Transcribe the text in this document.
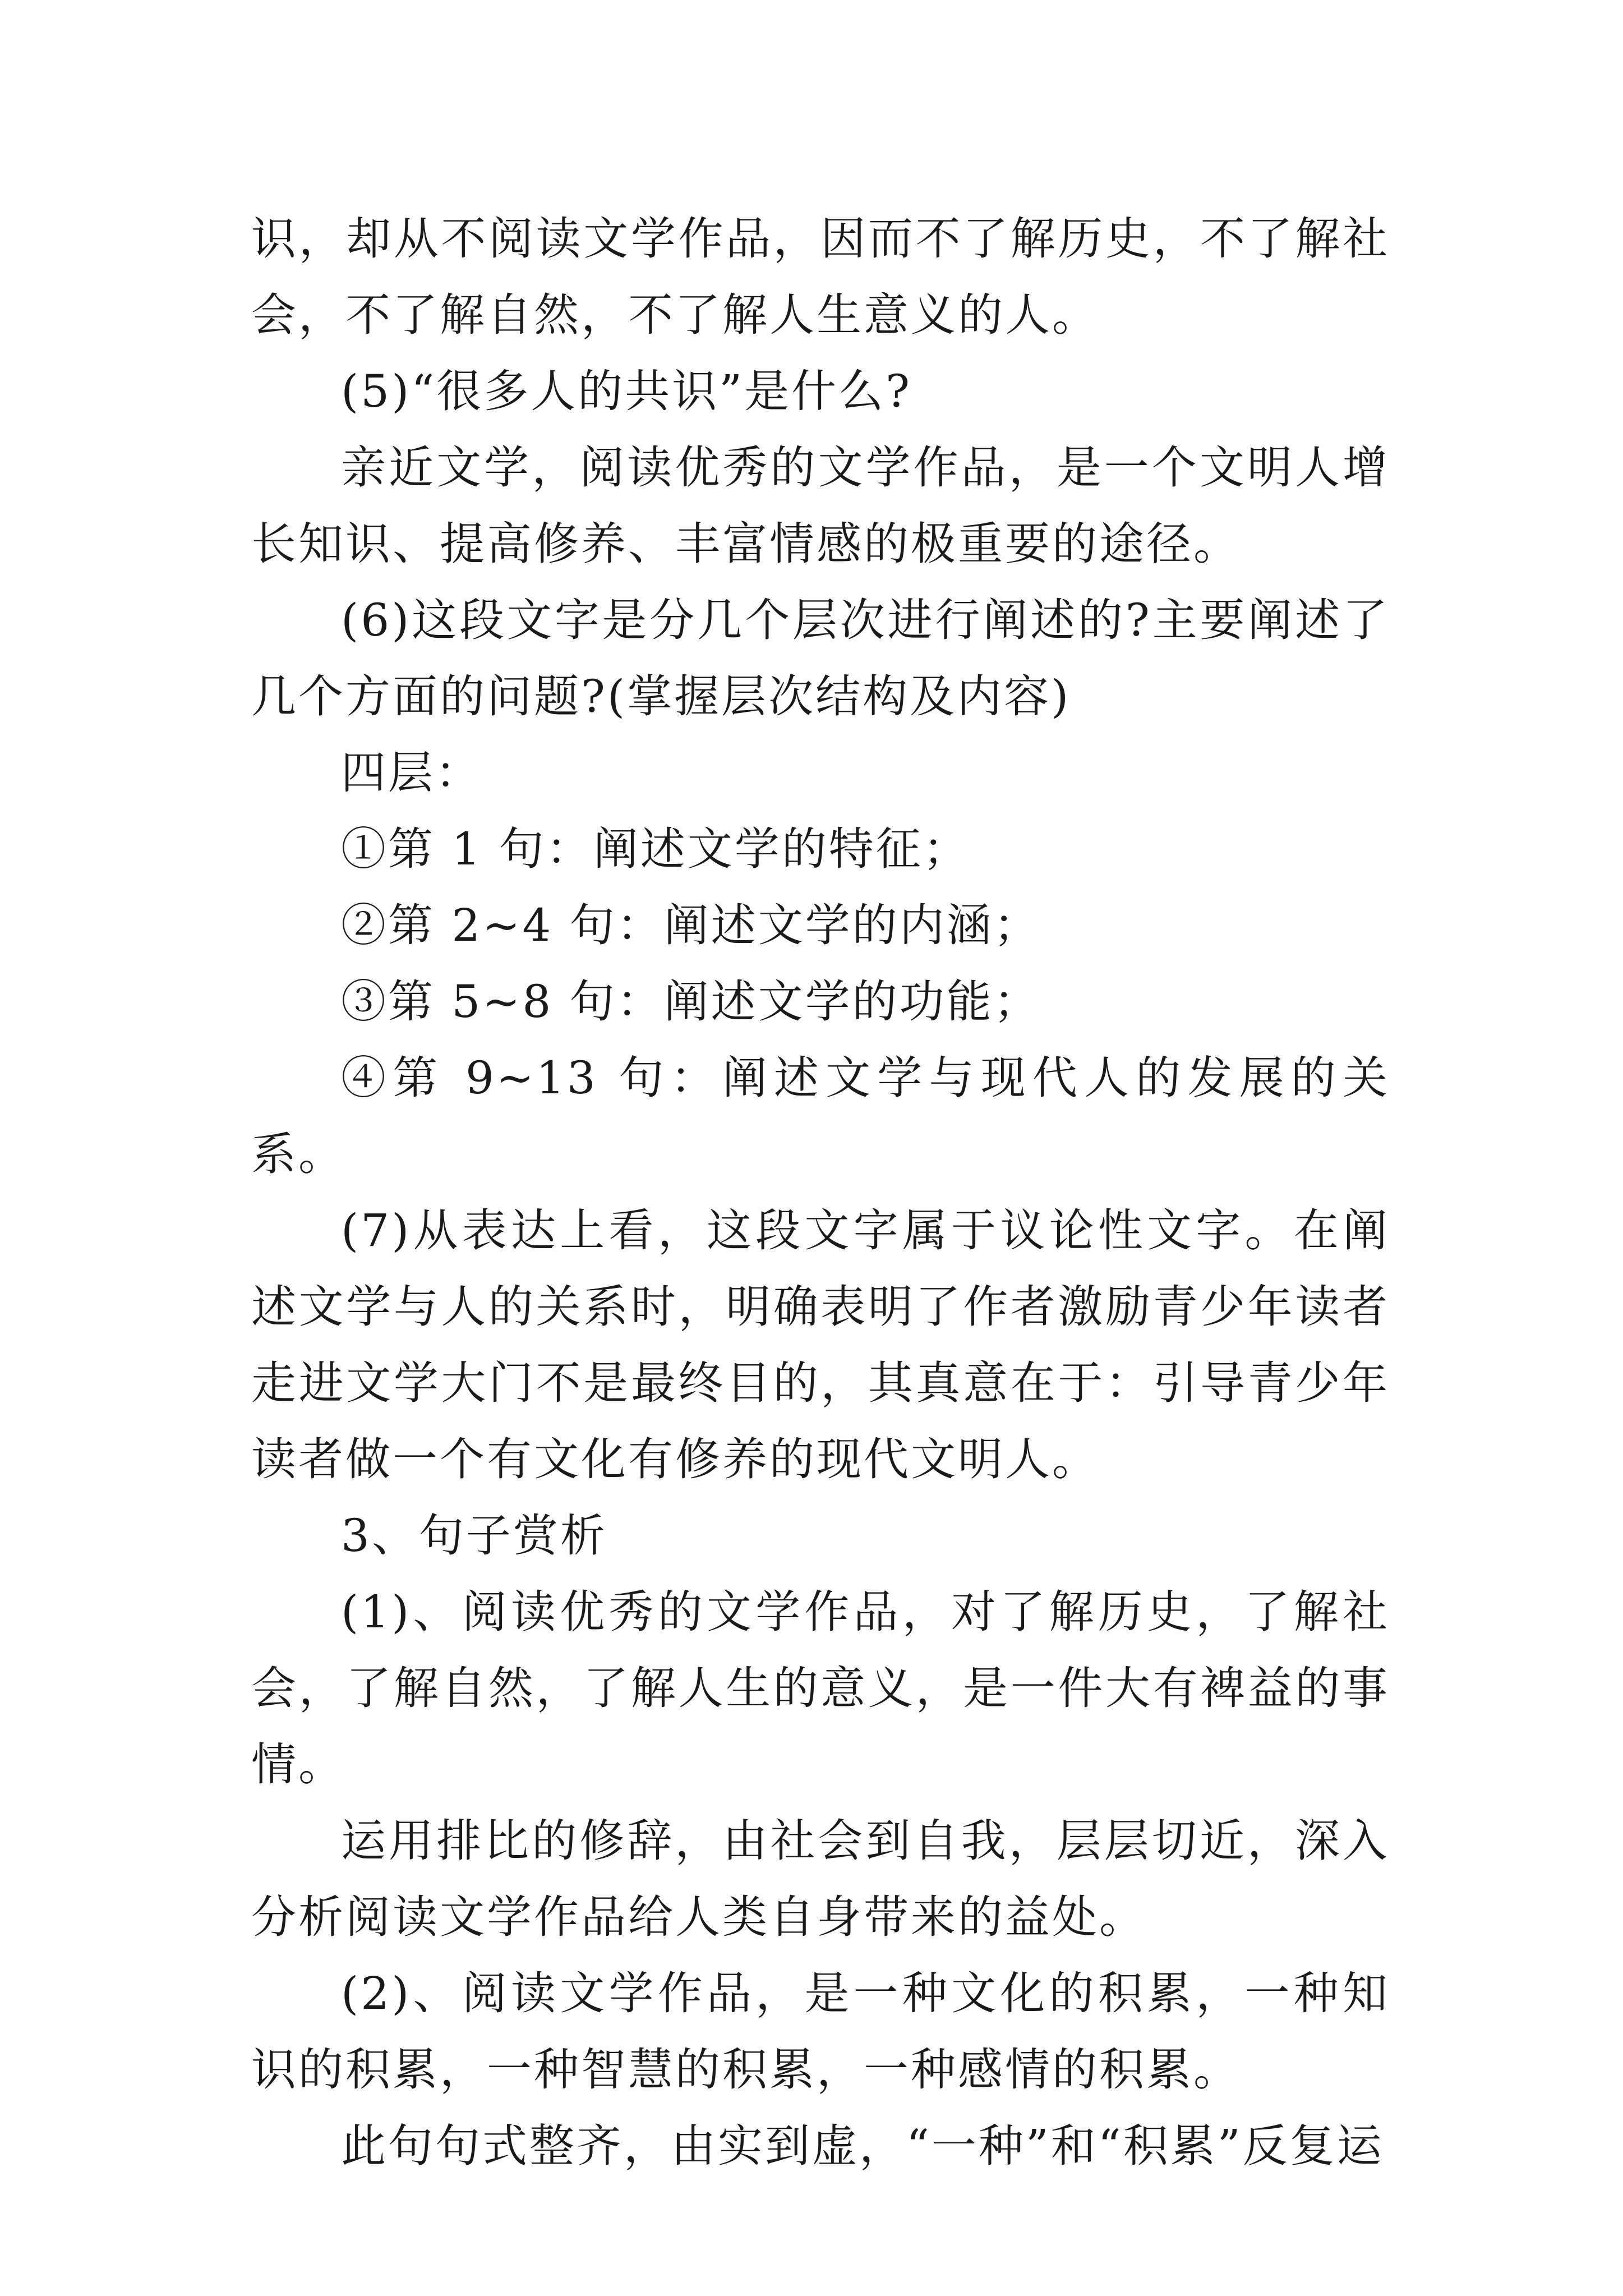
识，却从不阅读文学作品，因而不了解历史，不了解社会，不了解自然，不了解人生意义的人。

(5)“很多人的共识”是什么?

亲近文学，阅读优秀的文学作品，是一个文明人增长知识、提高修养、丰富情感的极重要的途径。

(6)这段文字是分几个层次进行阐述的?主要阐述了几个方面的问题?(掌握层次结构及内容)

四层：

①第 1 句：阐述文学的特征；

②第 2~4 句：阐述文学的内涵；

③第 5~8 句：阐述文学的功能；

④第 9~13 句：阐述文学与现代人的发展的关系。

(7)从表达上看，这段文字属于议论性文字。在阐述文学与人的关系时，明确表明了作者激励青少年读者走进文学大门不是最终目的，其真意在于：引导青少年读者做一个有文化有修养的现代文明人。

3、句子赏析

(1)、阅读优秀的文学作品，对了解历史，了解社会，了解自然，了解人生的意义，是一件大有裨益的事情。

运用排比的修辞，由社会到自我，层层切近，深入分析阅读文学作品给人类自身带来的益处。

(2)、阅读文学作品，是一种文化的积累，一种知识的积累，一种智慧的积累，一种感情的积累。

此句句式整齐，由实到虚，“一种”和“积累”反复运
